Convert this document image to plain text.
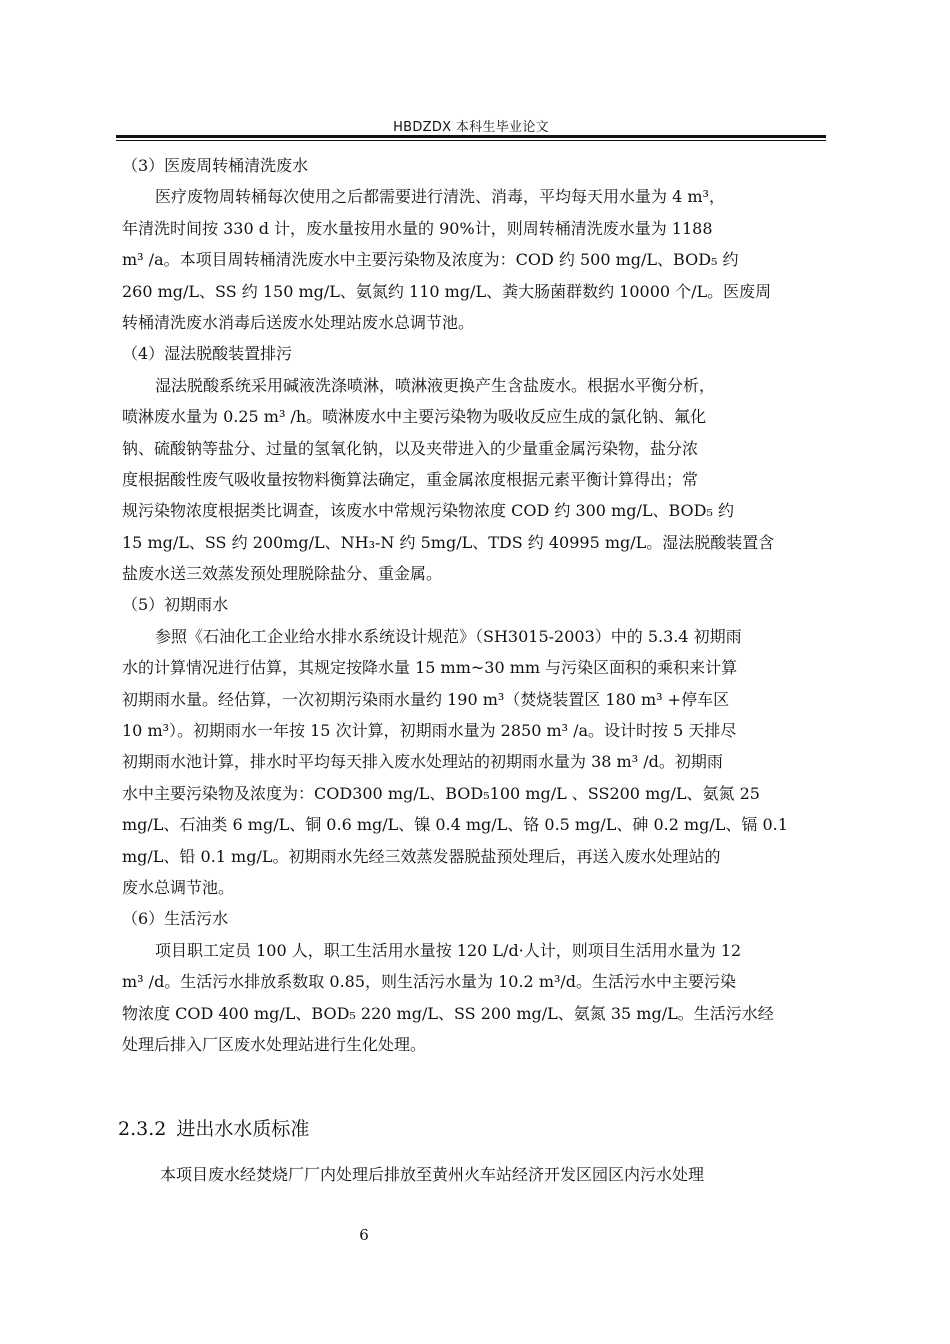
HBDZDX 本科生毕业论文
（3）医废周转桶清洗废水
医疗废物周转桶每次使用之后都需要进行清洗、消毒，平均每天用水量为 4 m³，
年清洗时间按 330 d 计，废水量按用水量的 90%计，则周转桶清洗废水量为 1188
m³ /a。本项目周转桶清洗废水中主要污染物及浓度为：COD 约 500 mg/L、BOD₅ 约
260 mg/L、SS 约 150 mg/L、氨氮约 110 mg/L、粪大肠菌群数约 10000 个/L。医废周
转桶清洗废水消毒后送废水处理站废水总调节池。
（4）湿法脱酸装置排污
湿法脱酸系统采用碱液洗涤喷淋，喷淋液更换产生含盐废水。根据水平衡分析，
喷淋废水量为 0.25 m³ /h。喷淋废水中主要污染物为吸收反应生成的氯化钠、氟化
钠、硫酸钠等盐分、过量的氢氧化钠，以及夹带进入的少量重金属污染物，盐分浓
度根据酸性废气吸收量按物料衡算法确定，重金属浓度根据元素平衡计算得出；常
规污染物浓度根据类比调查，该废水中常规污染物浓度 COD 约 300 mg/L、BOD₅ 约
15 mg/L、SS 约 200mg/L、NH₃-N 约 5mg/L、TDS 约 40995 mg/L。湿法脱酸装置含
盐废水送三效蒸发预处理脱除盐分、重金属。
（5）初期雨水
参照《石油化工企业给水排水系统设计规范》（SH3015-2003）中的 5.3.4 初期雨
水的计算情况进行估算，其规定按降水量 15 mm~30 mm 与污染区面积的乘积来计算
初期雨水量。经估算，一次初期污染雨水量约 190 m³（焚烧装置区 180 m³ +停车区
10 m³）。初期雨水一年按 15 次计算，初期雨水量为 2850 m³ /a。设计时按 5 天排尽
初期雨水池计算，排水时平均每天排入废水处理站的初期雨水量为 38 m³ /d。初期雨
水中主要污染物及浓度为：COD300 mg/L、BOD₅100 mg/L 、SS200 mg/L、氨氮 25
mg/L、石油类 6 mg/L、铜 0.6 mg/L、镍 0.4 mg/L、铬 0.5 mg/L、砷 0.2 mg/L、镉 0.1
mg/L、铅 0.1 mg/L。初期雨水先经三效蒸发器脱盐预处理后，再送入废水处理站的
废水总调节池。
（6）生活污水
项目职工定员 100 人，职工生活用水量按 120 L/d·人计，则项目生活用水量为 12
m³ /d。生活污水排放系数取 0.85，则生活污水量为 10.2 m³/d。生活污水中主要污染
物浓度 COD 400 mg/L、BOD₅ 220 mg/L、SS 200 mg/L、氨氮 35 mg/L。生活污水经
处理后排入厂区废水处理站进行生化处理。
2.3.2 进出水水质标准
本项目废水经焚烧厂厂内处理后排放至黄州火车站经济开发区园区内污水处理
6
